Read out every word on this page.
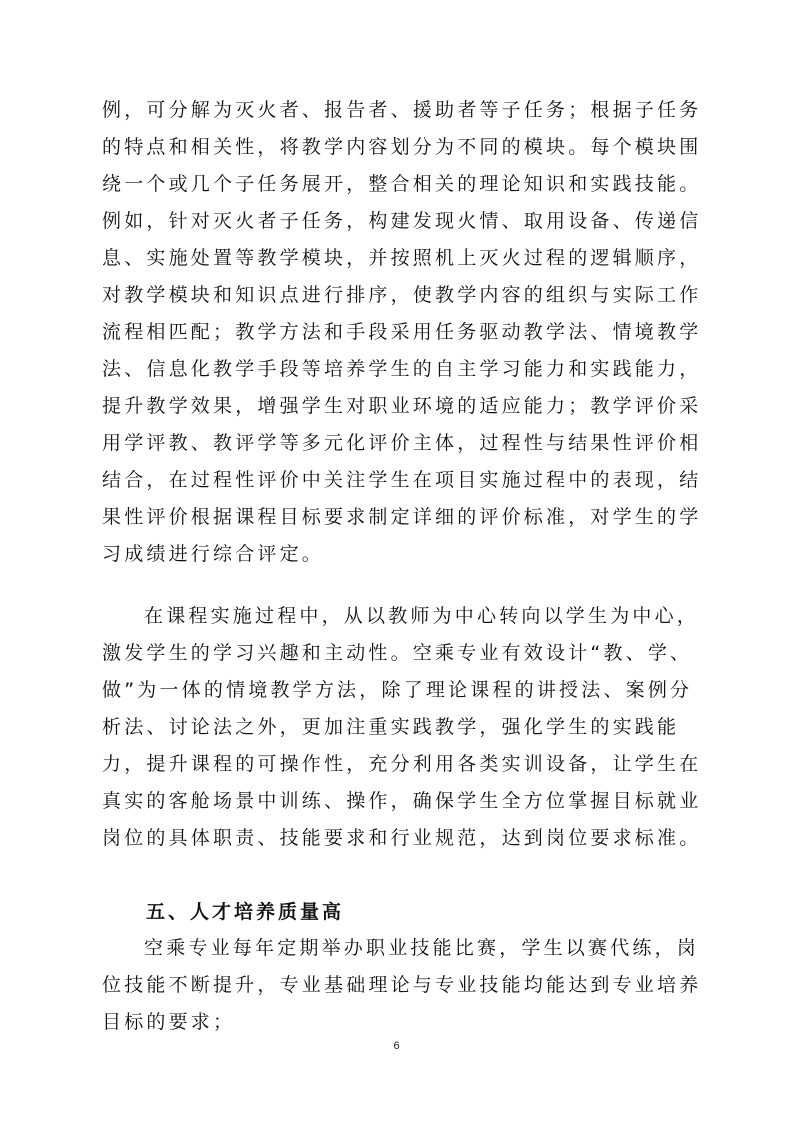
例，可分解为灭火者、报告者、援助者等子任务；根据子任务的特点和相关性，将教学内容划分为不同的模块。每个模块围绕一个或几个子任务展开，整合相关的理论知识和实践技能。例如，针对灭火者子任务，构建发现火情、取用设备、传递信息、实施处置等教学模块，并按照机上灭火过程的逻辑顺序，对教学模块和知识点进行排序，使教学内容的组织与实际工作流程相匹配；教学方法和手段采用任务驱动教学法、情境教学法、信息化教学手段等培养学生的自主学习能力和实践能力，提升教学效果，增强学生对职业环境的适应能力；教学评价采用学评教、教评学等多元化评价主体，过程性与结果性评价相结合，在过程性评价中关注学生在项目实施过程中的表现，结果性评价根据课程目标要求制定详细的评价标准，对学生的学习成绩进行综合评定。

在课程实施过程中，从以教师为中心转向以学生为中心，激发学生的学习兴趣和主动性。空乘专业有效设计“教、学、做”为一体的情境教学方法，除了理论课程的讲授法、案例分析法、讨论法之外，更加注重实践教学，强化学生的实践能力，提升课程的可操作性，充分利用各类实训设备，让学生在真实的客舱场景中训练、操作，确保学生全方位掌握目标就业岗位的具体职责、技能要求和行业规范，达到岗位要求标准。

五、人才培养质量高

空乘专业每年定期举办职业技能比赛，学生以赛代练，岗位技能不断提升，专业基础理论与专业技能均能达到专业培养目标的要求；

6
